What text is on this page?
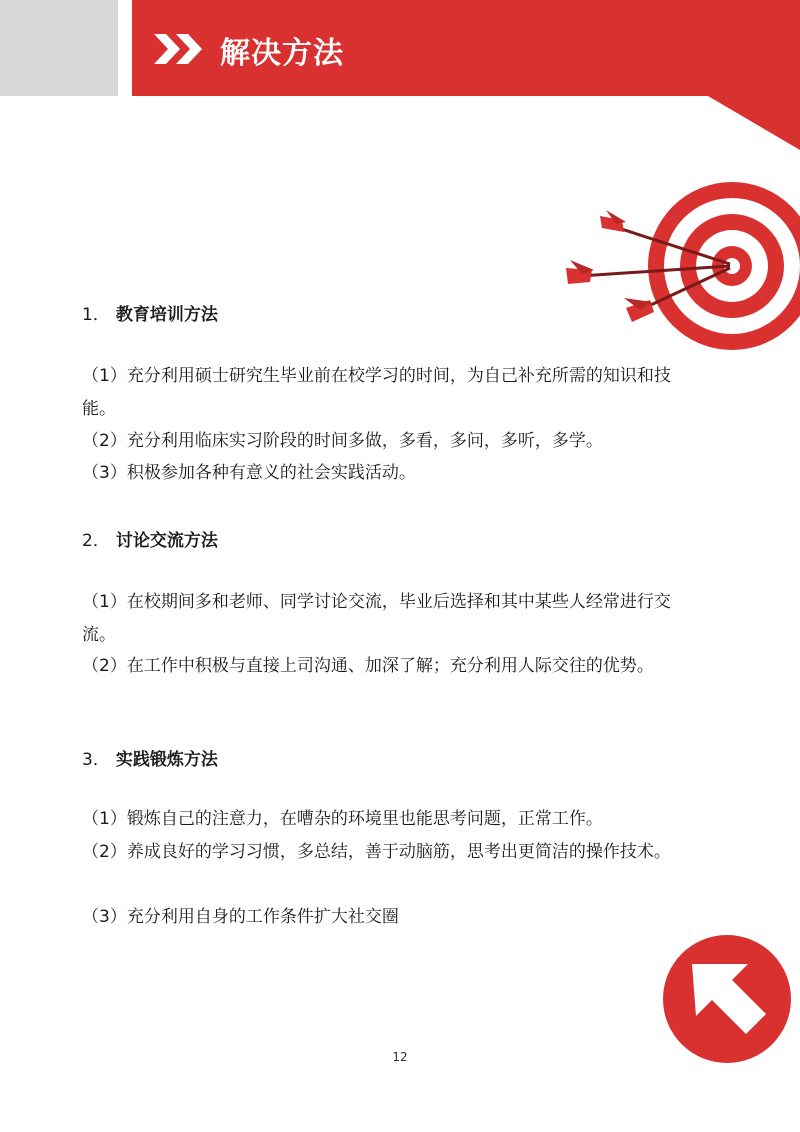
解决方法
1． 教育培训方法
（1）充分利用硕士研究生毕业前在校学习的时间，为自己补充所需的知识和技能。
（2）充分利用临床实习阶段的时间多做，多看，多问，多听，多学。
（3）积极参加各种有意义的社会实践活动。
2． 讨论交流方法
（1）在校期间多和老师、同学讨论交流，毕业后选择和其中某些人经常进行交流。
（2）在工作中积极与直接上司沟通、加深了解；充分利用人际交往的优势。
3． 实践锻炼方法
（1）锻炼自己的注意力，在嘈杂的环境里也能思考问题，正常工作。
（2）养成良好的学习习惯，多总结，善于动脑筋，思考出更简洁的操作技术。
（3）充分利用自身的工作条件扩大社交圈
12
